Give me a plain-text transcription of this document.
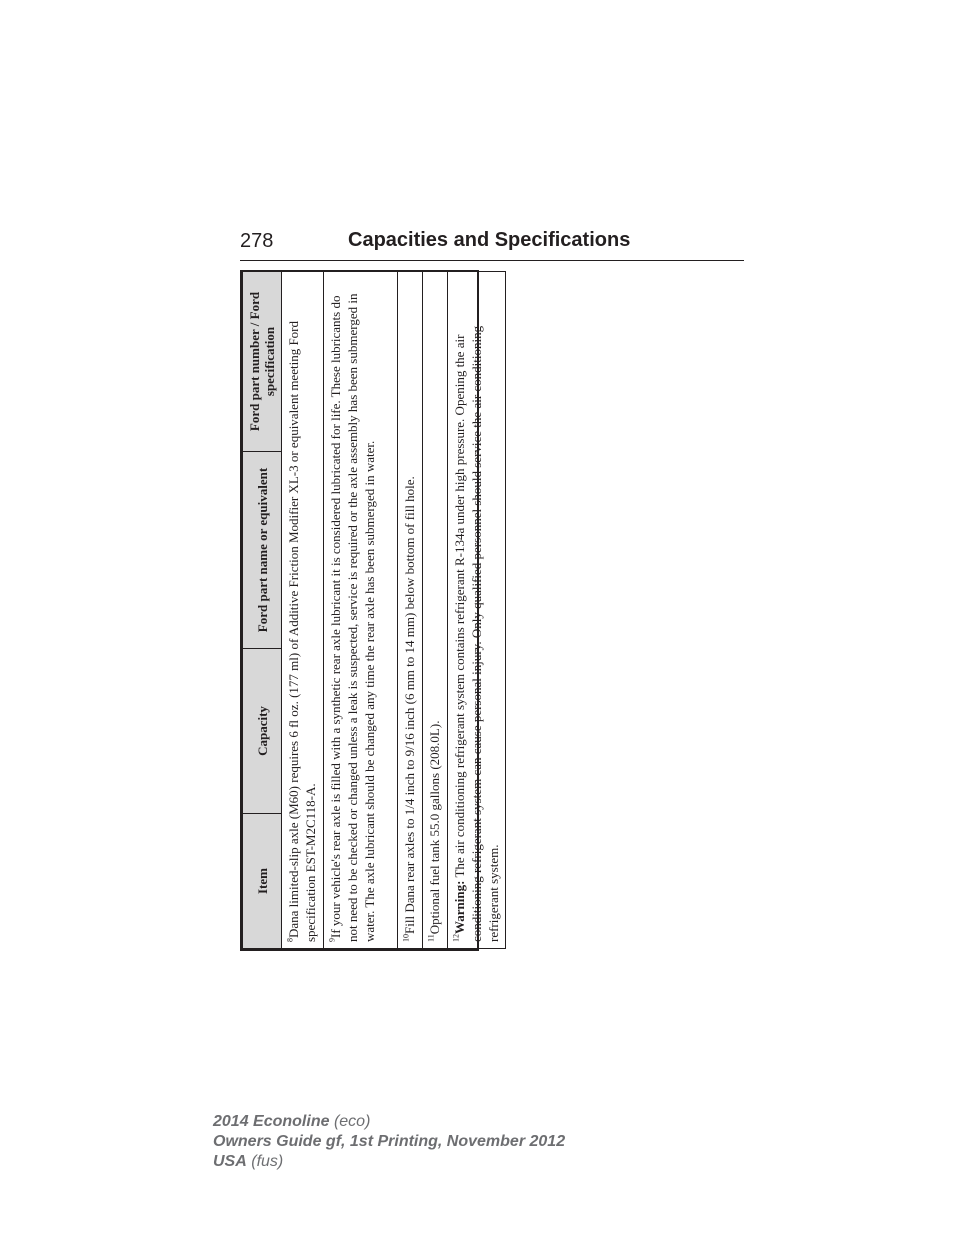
278	Capacities and Specifications
Item	Capacity	Ford part name or equivalent	Ford part number / Ford specification
$^8$Dana limited-slip axle (M60) requires 6 fl oz. (177 ml) of Additive Friction Modifier XL-3 or equivalent meeting Ford specification EST-M2C118-A.
$^9$If your vehicle's rear axle is filled with a synthetic rear axle lubricant it is considered lubricated for life. These lubricants do not need to be checked or changed unless a leak is suspected, service is required or the axle assembly has been submerged in water. The axle lubricant should be changed any time the rear axle has been submerged in water.
$^{10}$Fill Dana rear axles to 1/4 inch to 9/16 inch (6 mm to 14 mm) below bottom of fill hole.
$^{11}$Optional fuel tank 55.0 gallons (208.0L).
$^{12}$Warning: The air conditioning refrigerant system contains refrigerant R-134a under high pressure. Opening the air conditioning refrigerant system can cause personal injury. Only qualified personnel should service the air conditioning refrigerant system.
2014 Econoline (eco)
Owners Guide gf, 1st Printing, November 2012
USA (fus)
